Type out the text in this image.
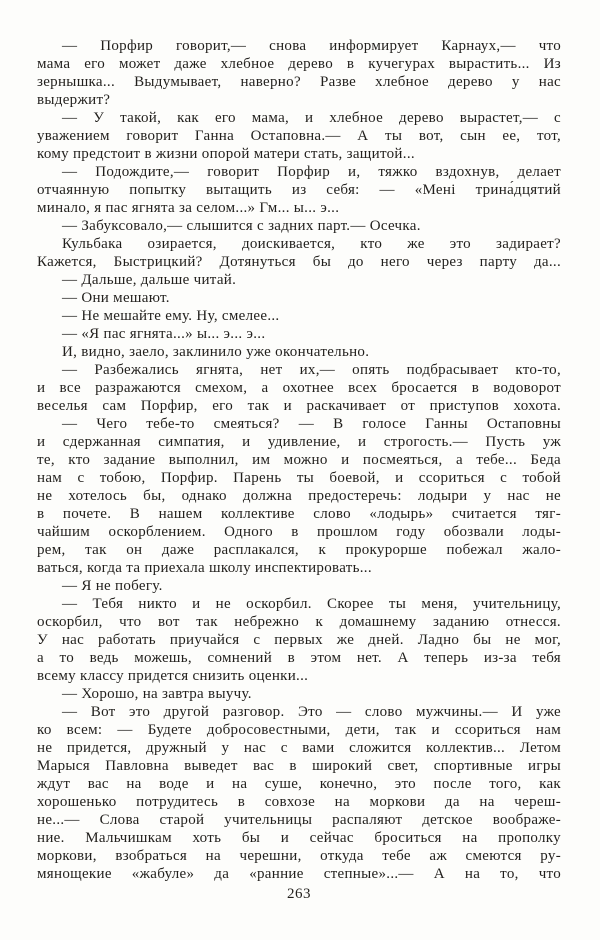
— Порфир говорит,— снова информирует Карнаух,— что
мама его может даже хлебное дерево в кучегурах вырастить... Из
зернышка... Выдумывает, наверно? Разве хлебное дерево у нас
выдержит?
— У такой, как его мама, и хлебное дерево вырастет,— с
уважением говорит Ганна Остаповна.— А ты вот, сын ее, тот,
кому предстоит в жизни опорой матери стать, защитой...
— Подождите,— говорит Порфир и, тяжко вздохнув, делает
отчаянную попытку вытащить из себя: — «Мені трина́дцятий
минало, я пас ягнята за селом...» Гм... ы... э...
— Забуксовало,— слышится с задних парт.— Осечка.
Кульбака озирается, доискивается, кто же это задирает?
Кажется, Быстрицкий? Дотянуться бы до него через парту да...
— Дальше, дальше читай.
— Они мешают.
— Не мешайте ему. Ну, смелее...
— «Я пас ягнята...» ы... э... э...
И, видно, заело, заклинило уже окончательно.
— Разбежались ягнята, нет их,— опять подбрасывает кто-то,
и все разражаются смехом, а охотнее всех бросается в водоворот
веселья сам Порфир, его так и раскачивает от приступов хохота.
— Чего тебе-то смеяться? — В голосе Ганны Остаповны
и сдержанная симпатия, и удивление, и строгость.— Пусть уж
те, кто задание выполнил, им можно и посмеяться, а тебе... Беда
нам с тобою, Порфир. Парень ты боевой, и ссориться с тобой
не хотелось бы, однако должна предостеречь: лодыри у нас не
в почете. В нашем коллективе слово «лодырь» считается тяг-
чайшим оскорблением. Одного в прошлом году обозвали лоды-
рем, так он даже расплакался, к прокурорше побежал жало-
ваться, когда та приехала школу инспектировать...
— Я не побегу.
— Тебя никто и не оскорбил. Скорее ты меня, учительницу,
оскорбил, что вот так небрежно к домашнему заданию отнесся.
У нас работать приучайся с первых же дней. Ладно бы не мог,
а то ведь можешь, сомнений в этом нет. А теперь из-за тебя
всему классу придется снизить оценки...
— Хорошо, на завтра выучу.
— Вот это другой разговор. Это — слово мужчины.— И уже
ко всем: — Будете добросовестными, дети, так и ссориться нам
не придется, дружный у нас с вами сложится коллектив... Летом
Марыся Павловна выведет вас в широкий свет, спортивные игры
ждут вас на воде и на суше, конечно, это после того, как
хорошенько потрудитесь в совхозе на моркови да на череш-
не...— Слова старой учительницы распаляют детское воображе-
ние. Мальчишкам хоть бы и сейчас броситься на прополку
моркови, взобраться на черешни, откуда тебе аж смеются ру-
мянощекие «жабуле» да «ранние степные»...— А на то, что
263
